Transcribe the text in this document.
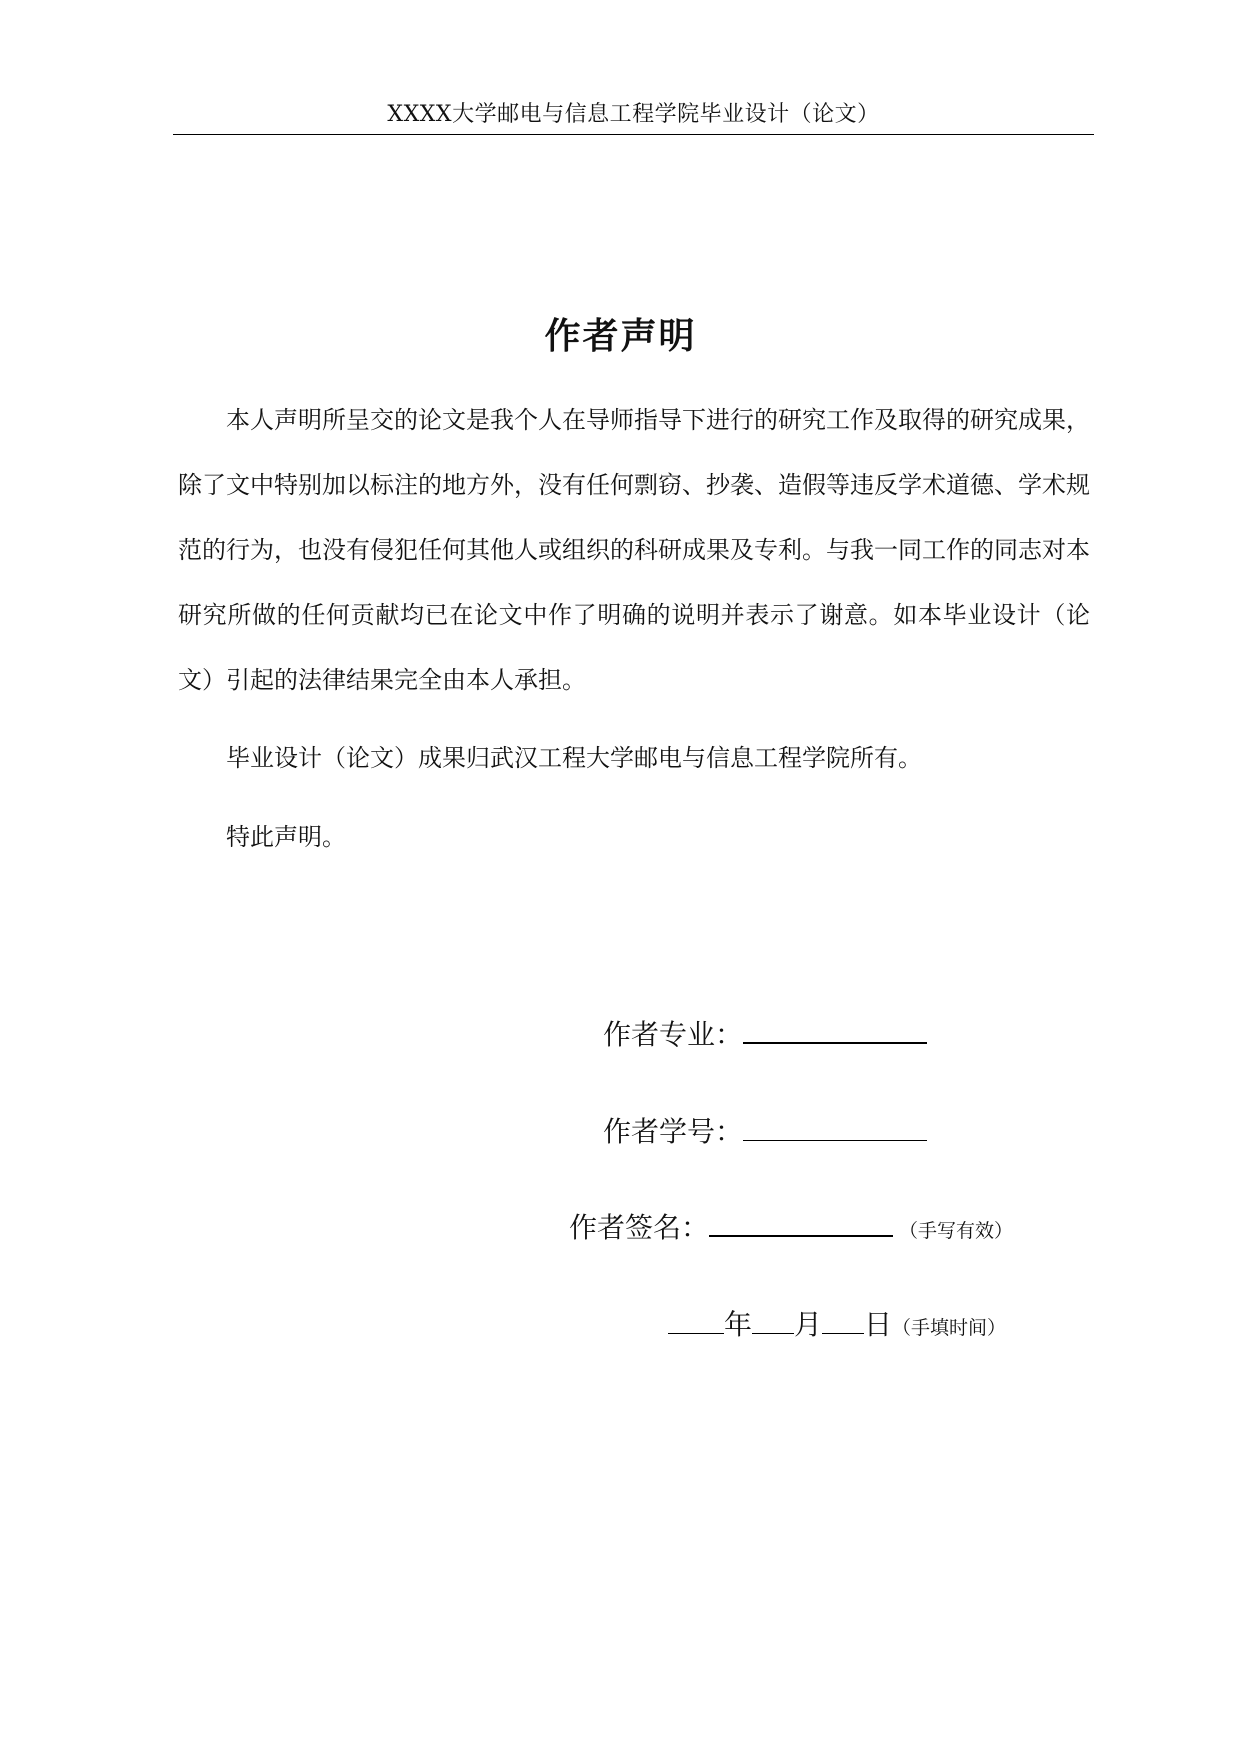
XXXX大学邮电与信息工程学院毕业设计（论文）
作者声明

本人声明所呈交的论文是我个人在导师指导下进行的研究工作及取得的研究成果，除了文中特别加以标注的地方外，没有任何剽窃、抄袭、造假等违反学术道德、学术规范的行为，也没有侵犯任何其他人或组织的科研成果及专利。与我一同工作的同志对本研究所做的任何贡献均已在论文中作了明确的说明并表示了谢意。如本毕业设计（论文）引起的法律结果完全由本人承担。

毕业设计（论文）成果归武汉工程大学邮电与信息工程学院所有。

特此声明。

作者专业：
作者学号：
作者签名：	（手写有效）
年 月 日（手填时间）
